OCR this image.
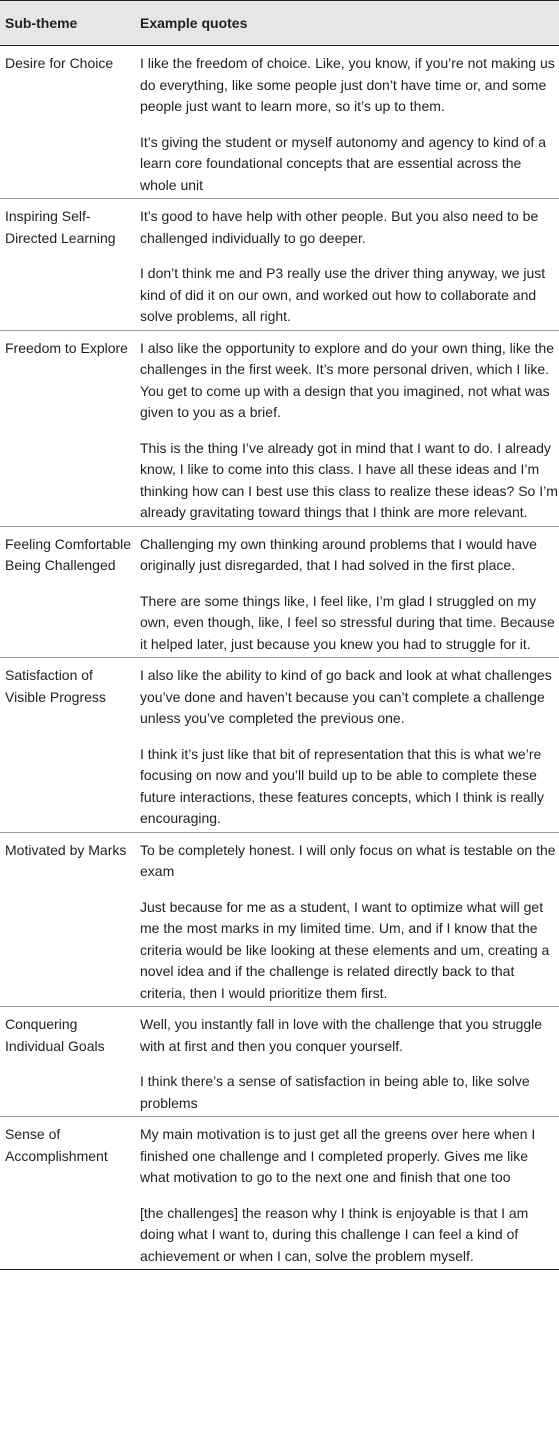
Sub-theme	Example quotes
Desire for Choice	I like the freedom of choice. Like, you know, if you’re not making us do everything, like some people just don’t have time or, and some people just want to learn more, so it’s up to them.

It’s giving the student or myself autonomy and agency to kind of a learn core foundational concepts that are essential across the whole unit

Inspiring Self-Directed Learning	It’s good to have help with other people. But you also need to be challenged individually to go deeper.

I don’t think me and P3 really use the driver thing anyway, we just kind of did it on our own, and worked out how to collaborate and solve problems, all right.

Freedom to Explore	I also like the opportunity to explore and do your own thing, like the challenges in the first week. It’s more personal driven, which I like. You get to come up with a design that you imagined, not what was given to you as a brief.

This is the thing I’ve already got in mind that I want to do. I already know, I like to come into this class. I have all these ideas and I’m thinking how can I best use this class to realize these ideas? So I’m already gravitating toward things that I think are more relevant.

Feeling Comfortable Being Challenged	Challenging my own thinking around problems that I would have originally just disregarded, that I had solved in the first place.

There are some things like, I feel like, I’m glad I struggled on my own, even though, like, I feel so stressful during that time. Because it helped later, just because you knew you had to struggle for it.

Satisfaction of Visible Progress	I also like the ability to kind of go back and look at what challenges you’ve done and haven’t because you can’t complete a challenge unless you’ve completed the previous one.

I think it’s just like that bit of representation that this is what we’re focusing on now and you’ll build up to be able to complete these future interactions, these features concepts, which I think is really encouraging.

Motivated by Marks	To be completely honest. I will only focus on what is testable on the exam

Just because for me as a student, I want to optimize what will get me the most marks in my limited time. Um, and if I know that the criteria would be like looking at these elements and um, creating a novel idea and if the challenge is related directly back to that criteria, then I would prioritize them first.

Conquering Individual Goals	Well, you instantly fall in love with the challenge that you struggle with at first and then you conquer yourself.

I think there’s a sense of satisfaction in being able to, like solve problems

Sense of Accomplishment	My main motivation is to just get all the greens over here when I finished one challenge and I completed properly. Gives me like what motivation to go to the next one and finish that one too

[the challenges] the reason why I think is enjoyable is that I am doing what I want to, during this challenge I can feel a kind of achievement or when I can, solve the problem myself.
